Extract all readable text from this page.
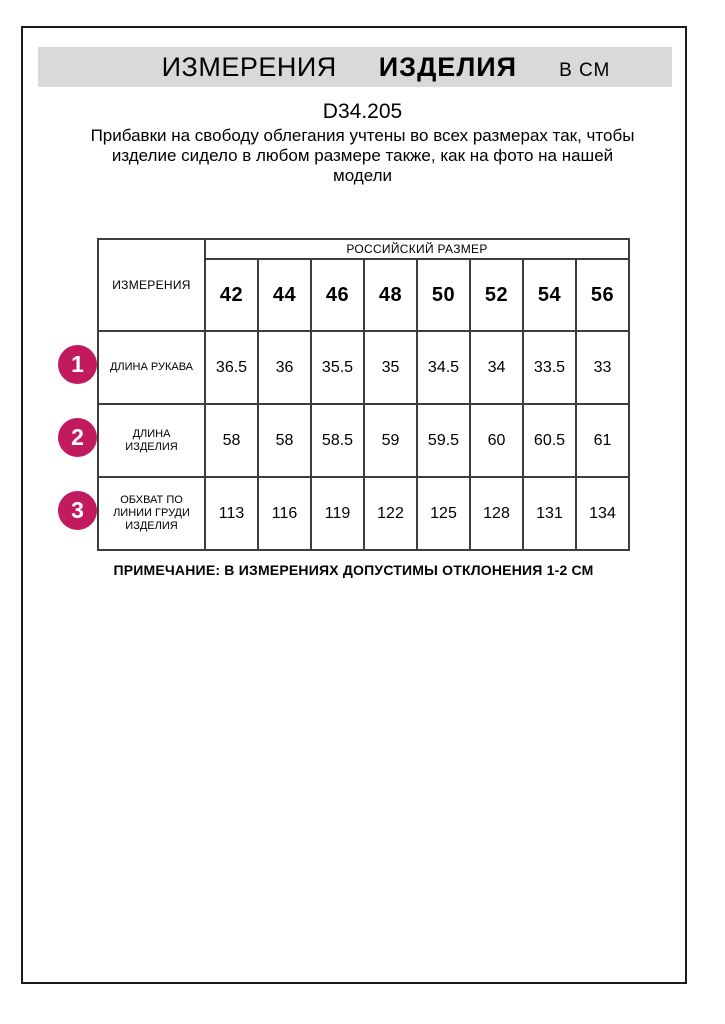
ИЗМЕРЕНИЯ ИЗДЕЛИЯ В СМ
D34.205
Прибавки на свободу облегания учтены во всех размерах так, чтобы
изделие сидело в любом размере также, как на фото на нашей
модели
ИЗМЕРЕНИЯ	РОССИЙСКИЙ РАЗМЕР							
	42	44	46	48	50	52	54	56

ДЛИНА РУКАВА	36.5	36	35.5	35	34.5	34	33.5	33

ДЛИНА
ИЗДЕЛИЯ	58	58	58.5	59	59.5	60	60.5	61

ОБХВАТ ПО
ЛИНИИ ГРУДИ
ИЗДЕЛИЯ	113	116	119	122	125	128	131	134
1
2
3
ПРИМЕЧАНИЕ: В ИЗМЕРЕНИЯХ ДОПУСТИМЫ ОТКЛОНЕНИЯ 1-2 СМ
